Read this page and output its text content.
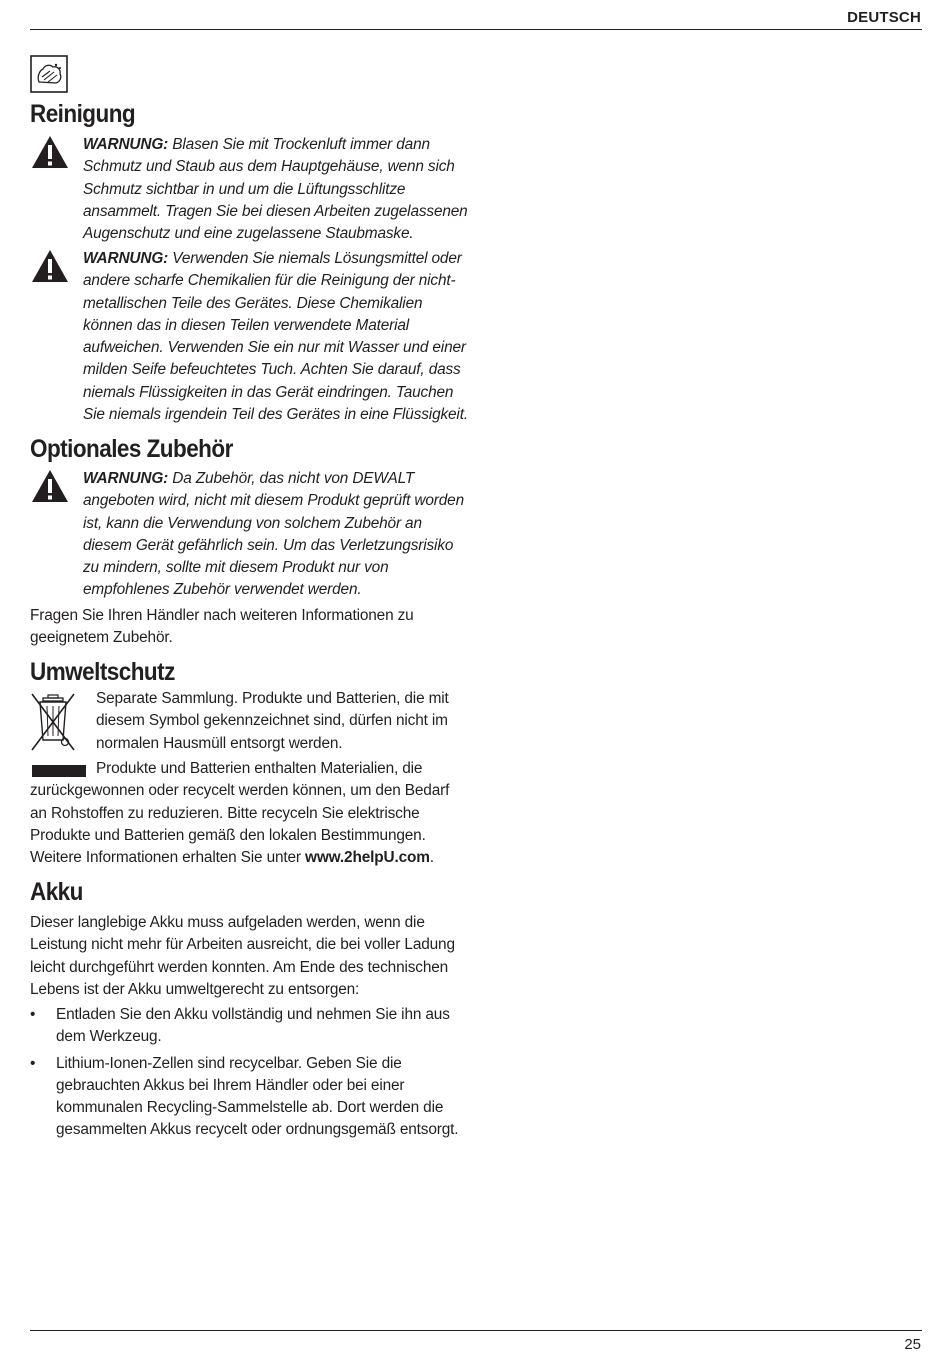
DEUTSCH
Reinigung
WARNUNG: Blasen Sie mit Trockenluft immer dann Schmutz und Staub aus dem Hauptgehäuse, wenn sich Schmutz sichtbar in und um die Lüftungsschlitze ansammelt. Tragen Sie bei diesen Arbeiten zugelassenen Augenschutz und eine zugelassene Staubmaske.
WARNUNG: Verwenden Sie niemals Lösungsmittel oder andere scharfe Chemikalien für die Reinigung der nicht-metallischen Teile des Gerätes. Diese Chemikalien können das in diesen Teilen verwendete Material aufweichen. Verwenden Sie ein nur mit Wasser und einer milden Seife befeuchtetes Tuch. Achten Sie darauf, dass niemals Flüssigkeiten in das Gerät eindringen. Tauchen Sie niemals irgendein Teil des Gerätes in eine Flüssigkeit.
Optionales Zubehör
WARNUNG: Da Zubehör, das nicht von DEWALT angeboten wird, nicht mit diesem Produkt geprüft worden ist, kann die Verwendung von solchem Zubehör an diesem Gerät gefährlich sein. Um das Verletzungsrisiko zu mindern, sollte mit diesem Produkt nur von empfohlenes Zubehör verwendet werden.
Fragen Sie Ihren Händler nach weiteren Informationen zu geeignetem Zubehör.
Umweltschutz
Separate Sammlung. Produkte und Batterien, die mit diesem Symbol gekennzeichnet sind, dürfen nicht im normalen Hausmüll entsorgt werden.
Produkte und Batterien enthalten Materialien, die zurückgewonnen oder recycelt werden können, um den Bedarf an Rohstoffen zu reduzieren. Bitte recyceln Sie elektrische Produkte und Batterien gemäß den lokalen Bestimmungen. Weitere Informationen erhalten Sie unter www.2helpU.com.
Akku
Dieser langlebige Akku muss aufgeladen werden, wenn die Leistung nicht mehr für Arbeiten ausreicht, die bei voller Ladung leicht durchgeführt werden konnten. Am Ende des technischen Lebens ist der Akku umweltgerecht zu entsorgen:
• Entladen Sie den Akku vollständig und nehmen Sie ihn aus dem Werkzeug.
• Lithium-Ionen-Zellen sind recycelbar. Geben Sie die gebrauchten Akkus bei Ihrem Händler oder bei einer kommunalen Recycling-Sammelstelle ab. Dort werden die gesammelten Akkus recycelt oder ordnungsgemäß entsorgt.
25
